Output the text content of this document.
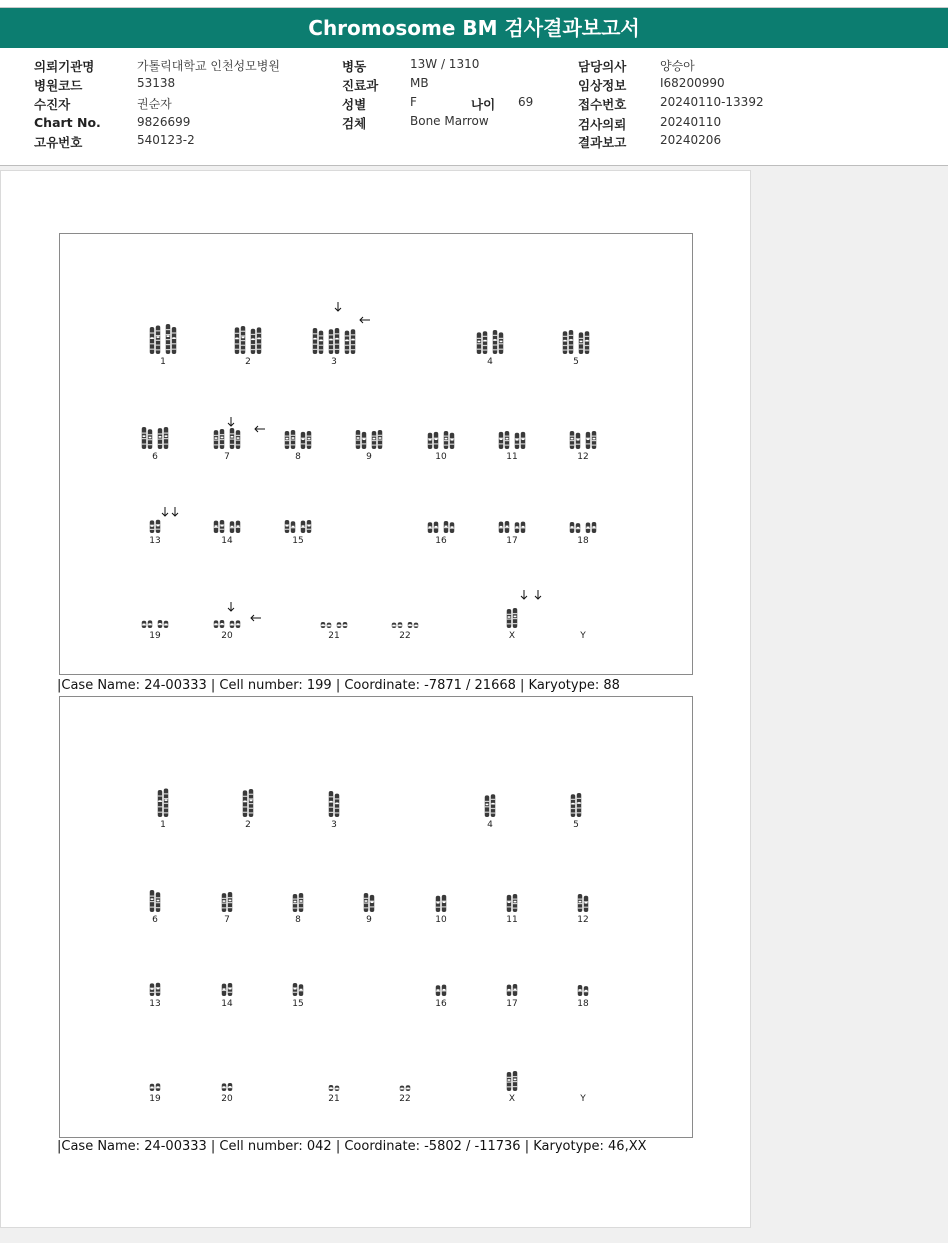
Chromosome BM 검사결과보고서
의뢰기관명	가톨릭대학교 인천성모병원
병원코드	53138
수진자	권순자
Chart No.	9826699
고유번호	540123-2
병동	13W / 1310
진료과	MB
성별	F	나이 69
검체	Bone Marrow
담당의사	양승아
임상정보	I68200990
접수번호	20240110-13392
검사의뢰	20240110
결과보고	20240206
1	2	3	4	5
6	7	8	9	10	11	12
13	14	15	16	17	18
19	20	21	22	X	Y
|Case Name: 24-00333 | Cell number: 199 | Coordinate: -7871 / 21668 | Karyotype: 88
1	2	3	4	5
6	7	8	9	10	11	12
13	14	15	16	17	18
19	20	21	22	X	Y
|Case Name: 24-00333 | Cell number: 042 | Coordinate: -5802 / -11736 | Karyotype: 46,XX
